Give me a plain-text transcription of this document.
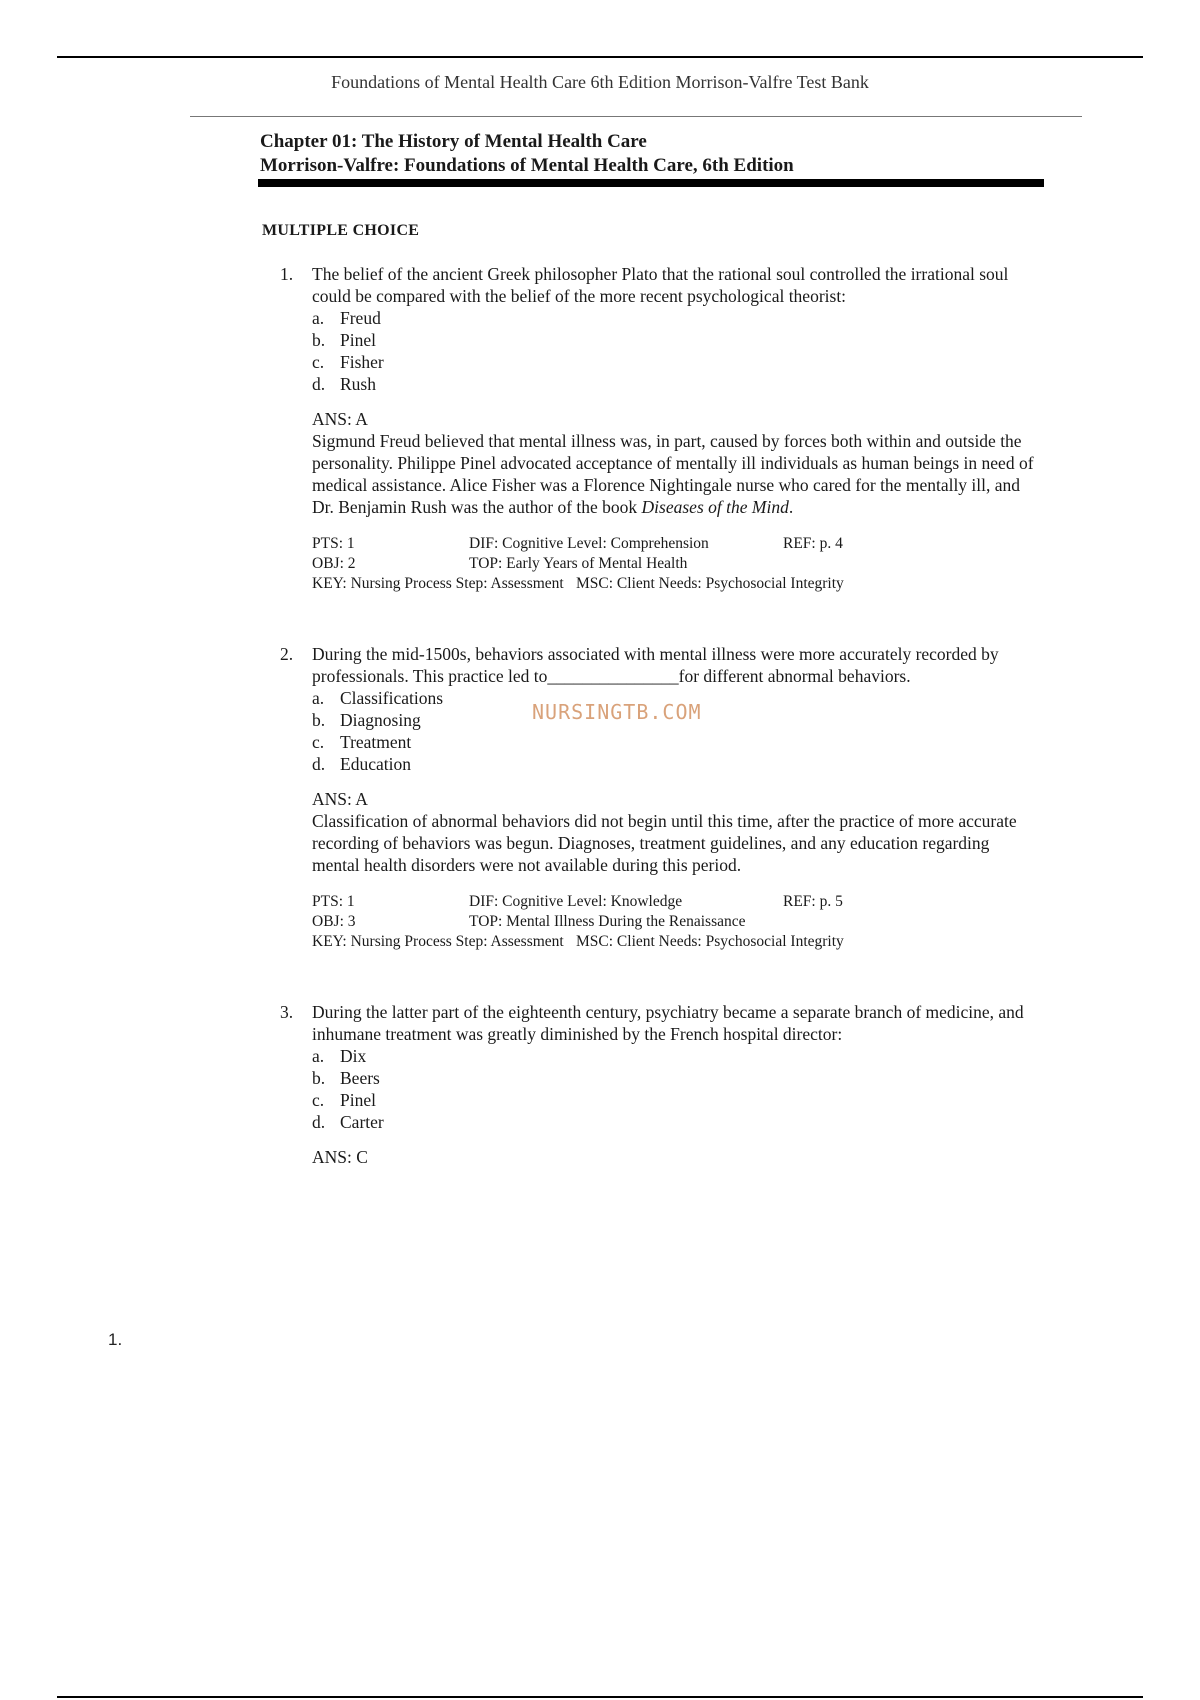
Foundations of Mental Health Care 6th Edition Morrison-Valfre Test Bank
Chapter 01: The History of Mental Health Care
Morrison-Valfre: Foundations of Mental Health Care, 6th Edition
MULTIPLE CHOICE
1.	The belief of the ancient Greek philosopher Plato that the rational soul controlled the irrational soul could be compared with the belief of the more recent psychological theorist:
a. Freud
b. Pinel
c. Fisher
d. Rush
ANS: A

Sigmund Freud believed that mental illness was, in part, caused by forces both within and outside the personality. Philippe Pinel advocated acceptance of mentally ill individuals as human beings in need of medical assistance. Alice Fisher was a Florence Nightingale nurse who cared for the mentally ill, and Dr. Benjamin Rush was the author of the book Diseases of the Mind.

PTS: 1	DIF: Cognitive Level: Comprehension	REF: p. 4
OBJ: 2	TOP: Early Years of Mental Health
KEY: Nursing Process Step: Assessment MSC: Client Needs: Psychosocial Integrity
2.	During the mid-1500s, behaviors associated with mental illness were more accurately recorded by professionals. This practice led to_______________for different abnormal behaviors.
a. Classifications
b. Diagnosing
c. Treatment
d. Education
ANS: A

Classification of abnormal behaviors did not begin until this time, after the practice of more accurate recording of behaviors was begun. Diagnoses, treatment guidelines, and any education regarding mental health disorders were not available during this period.

PTS: 1	DIF: Cognitive Level: Knowledge	REF: p. 5
OBJ: 3	TOP: Mental Illness During the Renaissance
KEY: Nursing Process Step: Assessment MSC: Client Needs: Psychosocial Integrity
3.	During the latter part of the eighteenth century, psychiatry became a separate branch of medicine, and inhumane treatment was greatly diminished by the French hospital director:
a. Dix
b. Beers
c. Pinel
d. Carter
ANS: C
NURSINGTB.COM
1.
